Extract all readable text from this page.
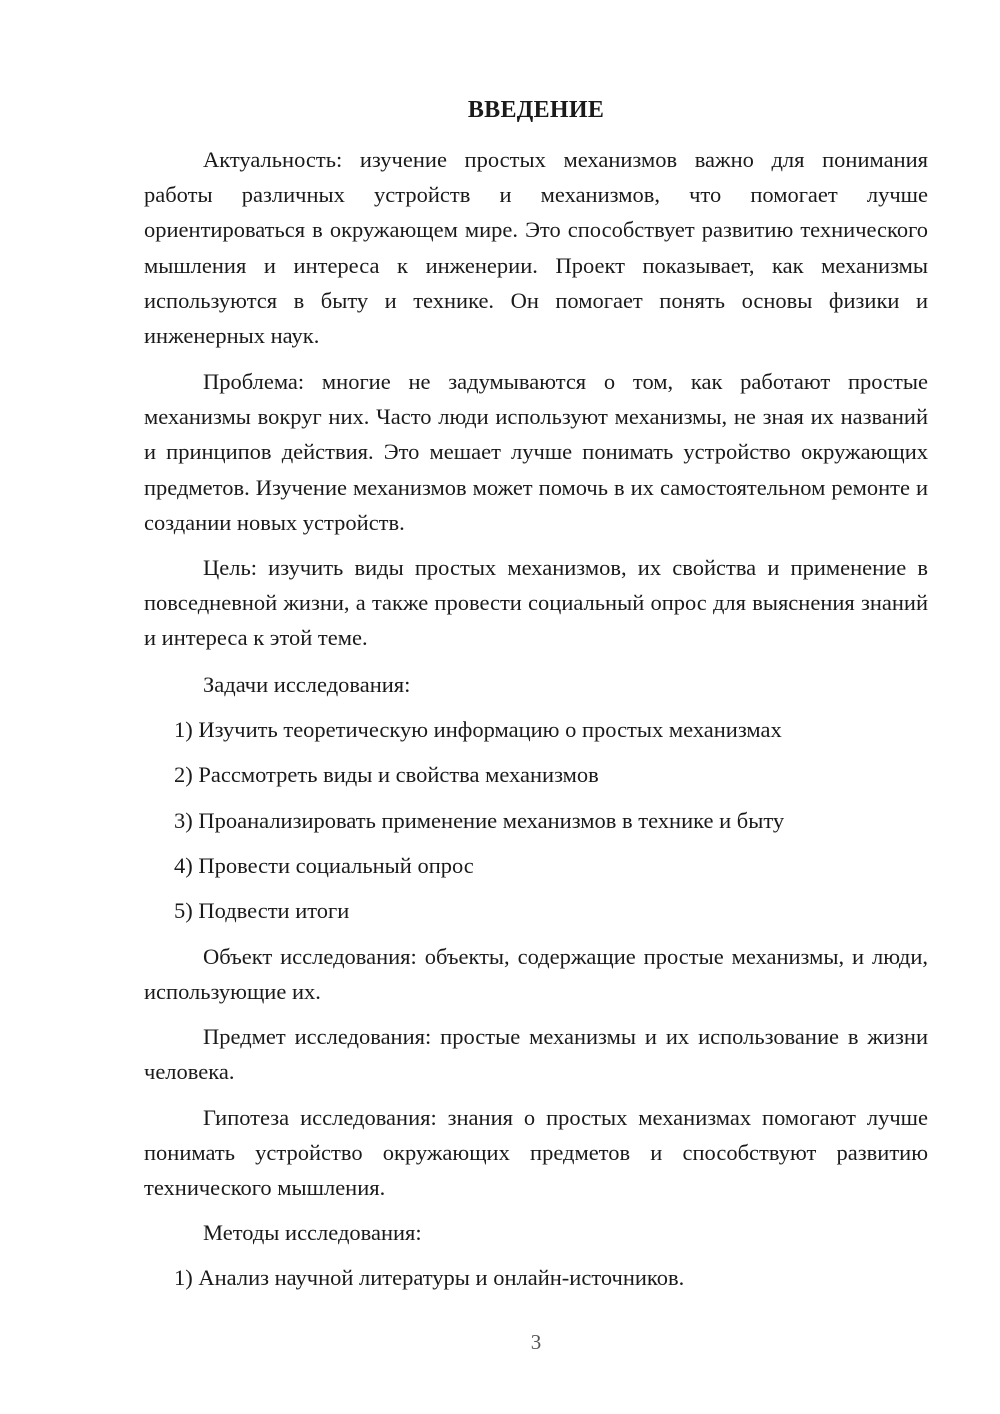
ВВЕДЕНИЕ

Актуальность: изучение простых механизмов важно для понимания работы различных устройств и механизмов, что помогает лучше ориентироваться в окружающем мире. Это способствует развитию технического мышления и интереса к инженерии. Проект показывает, как механизмы используются в быту и технике. Он помогает понять основы физики и инженерных наук.

Проблема: многие не задумываются о том, как работают простые механизмы вокруг них. Часто люди используют механизмы, не зная их названий и принципов действия. Это мешает лучше понимать устройство окружающих предметов. Изучение механизмов может помочь в их самостоятельном ремонте и создании новых устройств.

Цель: изучить виды простых механизмов, их свойства и применение в повседневной жизни, а также провести социальный опрос для выяснения знаний и интереса к этой теме.

Задачи исследования:

1) Изучить теоретическую информацию о простых механизмах

2) Рассмотреть виды и свойства механизмов

3) Проанализировать применение механизмов в технике и быту

4) Провести социальный опрос

5) Подвести итоги

Объект исследования: объекты, содержащие простые механизмы, и люди, использующие их.

Предмет исследования: простые механизмы и их использование в жизни человека.

Гипотеза исследования: знания о простых механизмах помогают лучше понимать устройство окружающих предметов и способствуют развитию технического мышления.

Методы исследования:

1) Анализ научной литературы и онлайн-источников.

3
